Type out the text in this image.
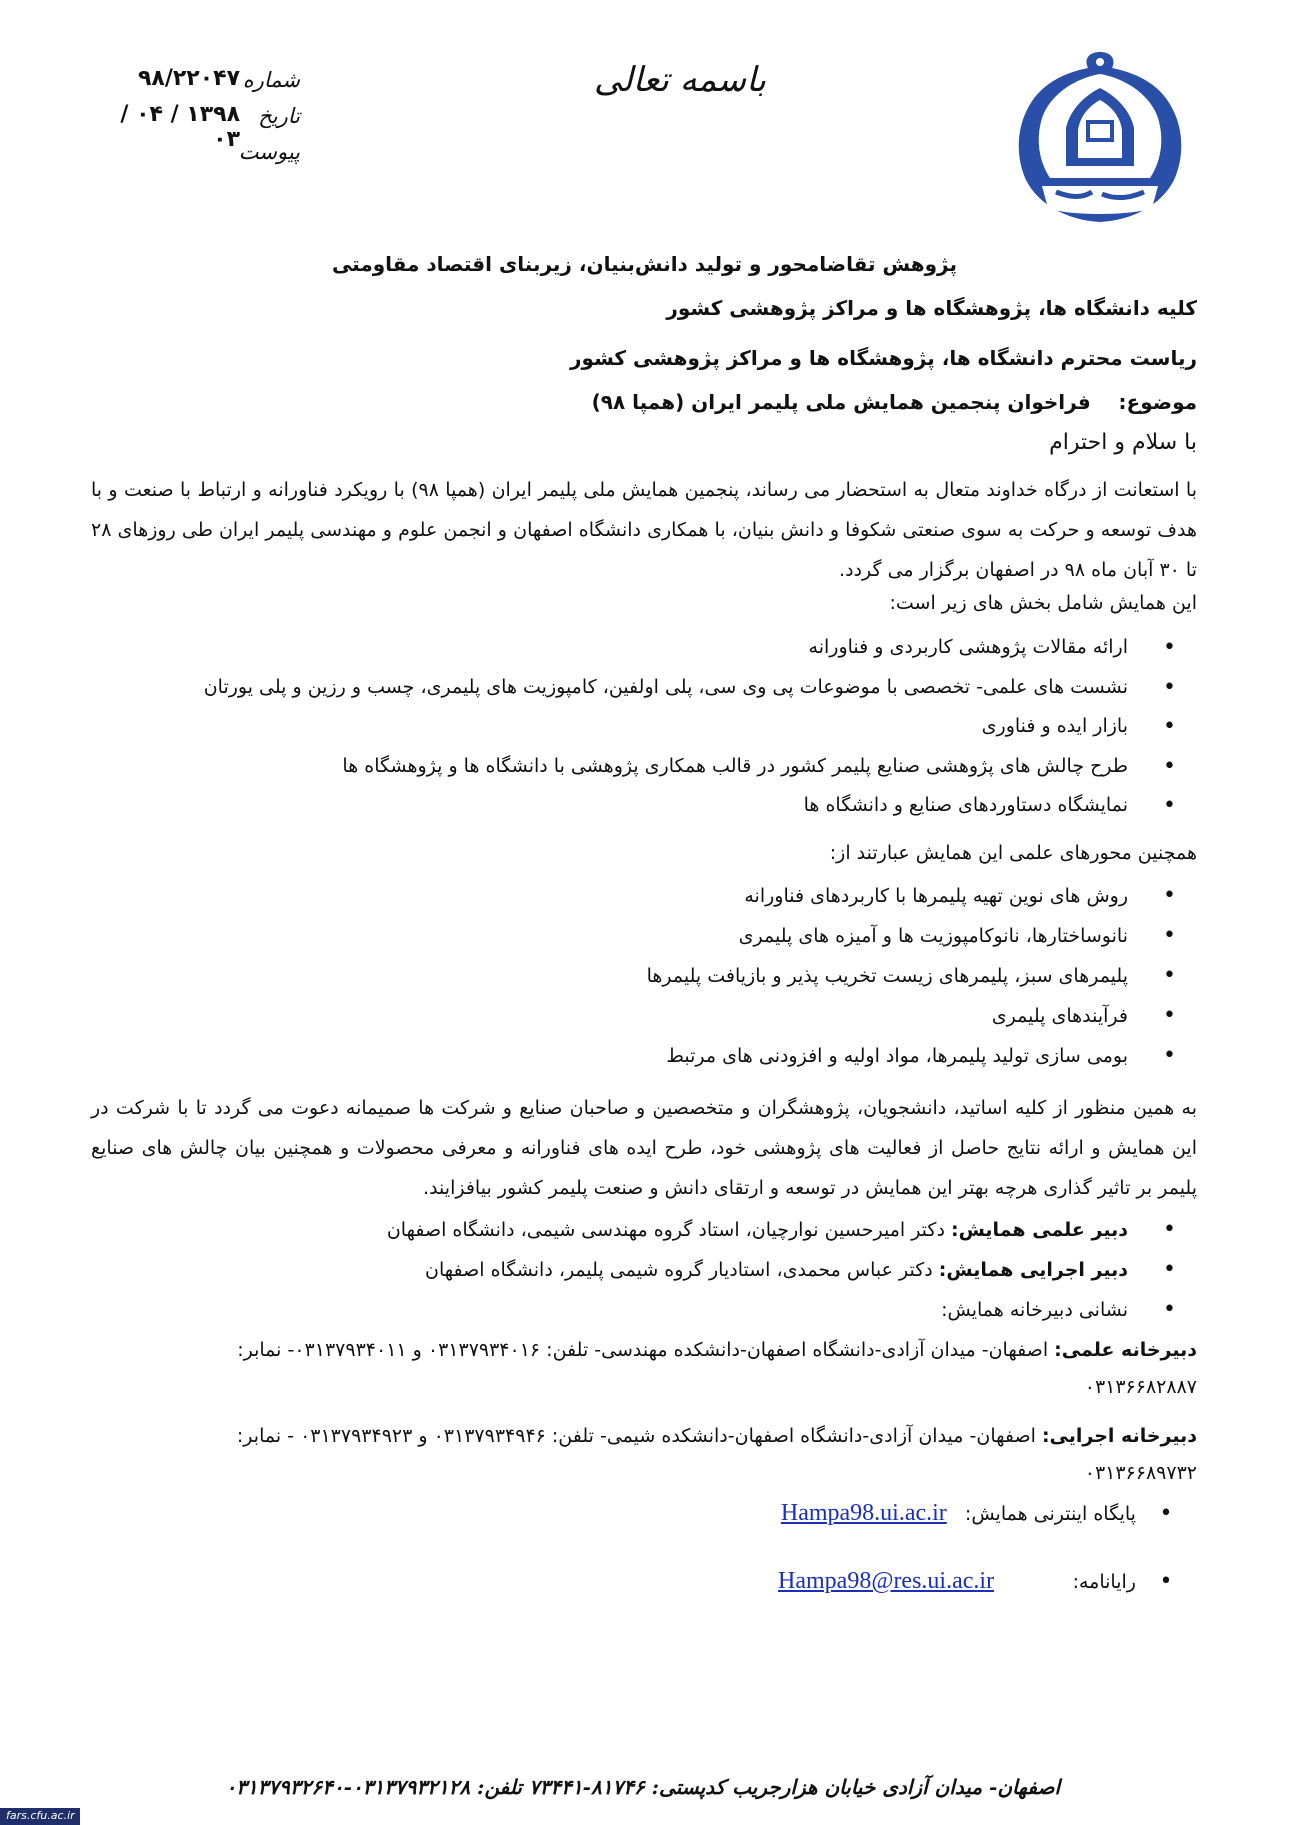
باسمه تعالی
شماره
۹۸/۲۲۰۴۷
تاریخ
۱۳۹۸ / ۰۴ / ۰۳
پیوست
پژوهش تقاضامحور و تولید دانش‌بنیان، زیربنای اقتصاد مقاومتی
کلیه دانشگاه ها، پژوهشگاه ها و مراکز پژوهشی کشور
ریاست محترم دانشگاه ها، پژوهشگاه ها و مراکز پژوهشی کشور
موضوع:    فراخوان پنجمین همایش ملی پلیمر ایران (همپا ۹۸)
با سلام و احترام
با استعانت از درگاه خداوند متعال به استحضار می رساند، پنجمین همایش ملی پلیمر ایران (همپا ۹۸) با رویکرد فناورانه و ارتباط با صنعت و با هدف توسعه و حرکت به سوی صنعتی شکوفا و دانش بنیان، با همکاری دانشگاه اصفهان و انجمن علوم و مهندسی پلیمر ایران طی روزهای ۲۸ تا ۳۰ آبان ماه ۹۸ در اصفهان برگزار می گردد.
این همایش شامل بخش های زیر است:
• ارائه مقالات پژوهشی کاربردی و فناورانه
• نشست های علمی- تخصصی با موضوعات پی وی سی، پلی اولفین، کامپوزیت های پلیمری، چسب و رزین و پلی یورتان
• بازار ایده و فناوری
• طرح چالش های پژوهشی صنایع پلیمر کشور در قالب همکاری پژوهشی با دانشگاه ها و پژوهشگاه ها
• نمایشگاه دستاوردهای صنایع و دانشگاه ها
همچنین محورهای علمی این همایش عبارتند از:
• روش های نوین تهیه پلیمرها با کاربردهای فناورانه
• نانوساختارها، نانوکامپوزیت ها و آمیزه های پلیمری
• پلیمرهای سبز، پلیمرهای زیست تخریب پذیر و بازیافت پلیمرها
• فرآیندهای پلیمری
• بومی سازی تولید پلیمرها، مواد اولیه و افزودنی های مرتبط
به همین منظور از کلیه اساتید، دانشجویان، پژوهشگران و متخصصین و صاحبان صنایع و شرکت ها صمیمانه دعوت می گردد تا با شرکت در این همایش و ارائه نتایج حاصل از فعالیت های پژوهشی خود، طرح ایده های فناورانه و معرفی محصولات و همچنین بیان چالش های صنایع پلیمر بر تاثیر گذاری هرچه بهتر این همایش در توسعه و ارتقای دانش و صنعت پلیمر کشور بیافزایند.
• دبیر علمی همایش: دکتر امیرحسین نوارچیان، استاد گروه مهندسی شیمی، دانشگاه اصفهان
• دبیر اجرایی همایش: دکتر عباس محمدی، استادیار گروه شیمی پلیمر، دانشگاه اصفهان
• نشانی دبیرخانه همایش:
دبیرخانه علمی: اصفهان- میدان آزادی-دانشگاه اصفهان-دانشکده مهندسی- تلفن: ۰۳۱۳۷۹۳۴۰۱۶ و ۰۳۱۳۷۹۳۴۰۱۱- نمابر:
۰۳۱۳۶۶۸۲۸۸۷
دبیرخانه اجرایی: اصفهان- میدان آزادی-دانشگاه اصفهان-دانشکده شیمی- تلفن: ۰۳۱۳۷۹۳۴۹۴۶ و ۰۳۱۳۷۹۳۴۹۲۳ - نمابر:
۰۳۱۳۶۶۸۹۷۳۲
• پایگاه اینترنی همایش:   Hampa98.ui.ac.ir
• رایانامه:             Hampa98@res.ui.ac.ir
اصفهان- میدان آزادی خیابان هزارجریب کدپستی: ۸۱۷۴۶-۷۳۴۴۱ تلفن: ۰۳۱۳۷۹۳۲۱۲۸-۰۳۱۳۷۹۳۲۶۴۰
fars.cfu.ac.ir
